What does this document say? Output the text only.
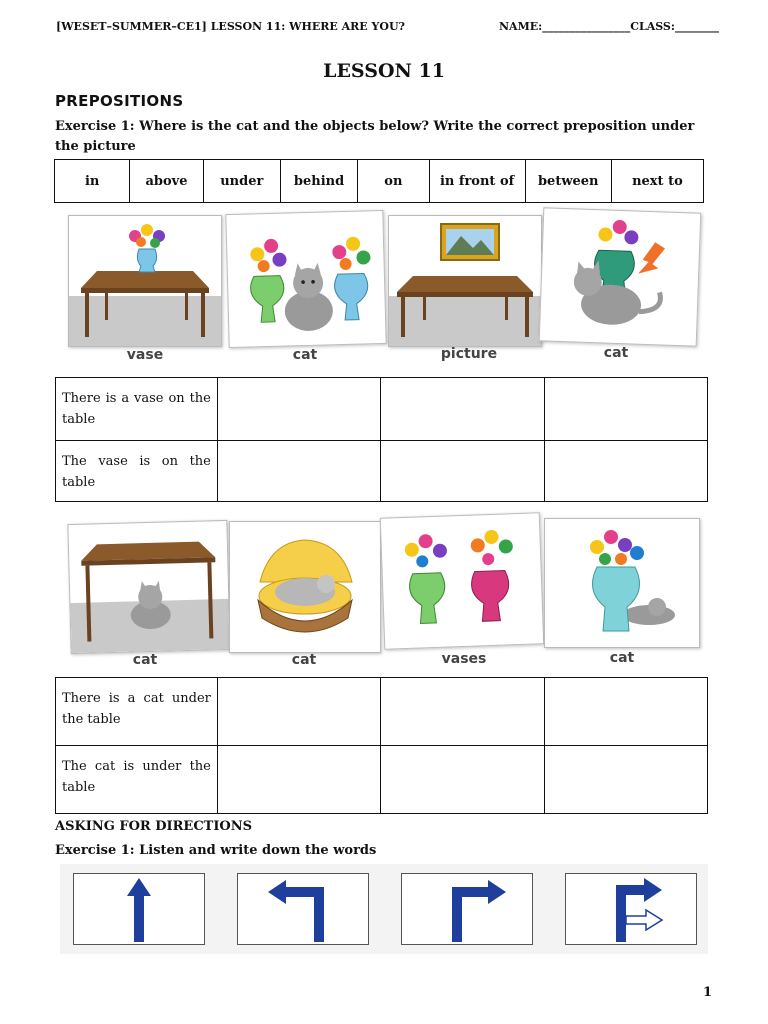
[WESET–SUMMER–CE1] LESSON 11: WHERE ARE YOU?	NAME:________________CLASS:________
LESSON 11
PREPOSITIONS
Exercise 1: Where is the cat and the objects below? Write the correct preposition under the picture
in	above	under	behind	on	in front of	between	next to
vase	cat	picture	cat
There is a vase on the table			
The vase is on the table			
cat	cat	vases	cat
There is a cat under the table			
The cat is under the table			
ASKING FOR DIRECTIONS
Exercise 1: Listen and write down the words
1
